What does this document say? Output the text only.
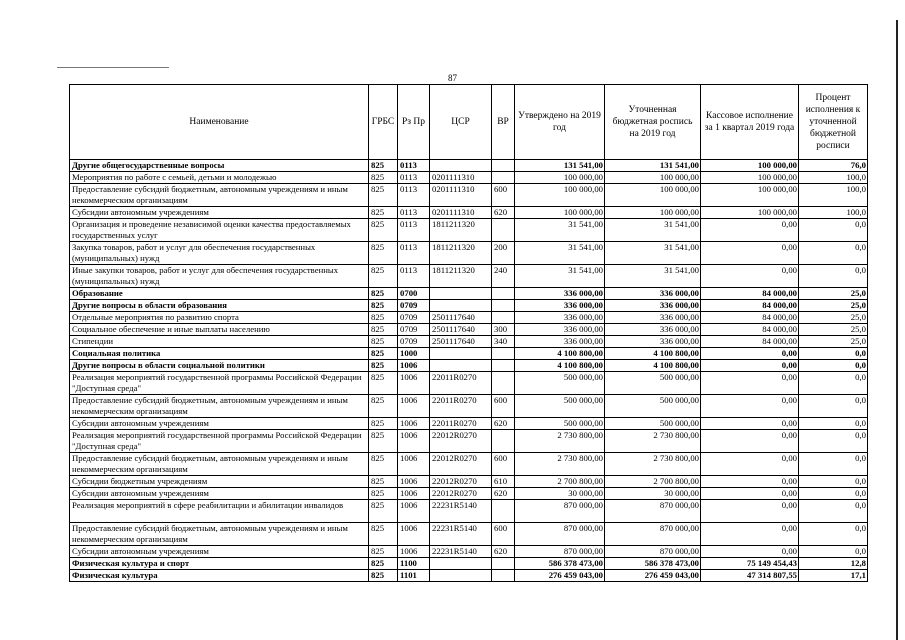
87
Наименование	ГРБС	Рз Пр	ЦСР	ВР	Утверждено на 2019 год	Уточненная бюджетная роспись на 2019 год	Кассовое исполнение за 1 квартал 2019 года	Процент исполнения к уточненной бюджетной росписи
Другие общегосударственные вопросы	825	0113			131 541,00	131 541,00	100 000,00	76,0
Мероприятия по работе с семьей, детьми и молодежью	825	0113	0201111310		100 000,00	100 000,00	100 000,00	100,0
Предоставление субсидий бюджетным, автономным учреждениям и иным некоммерческим организациям	825	0113	0201111310	600	100 000,00	100 000,00	100 000,00	100,0
Субсидии автономным учреждениям	825	0113	0201111310	620	100 000,00	100 000,00	100 000,00	100,0
Организация и проведение независимой оценки качества предоставляемых государственных услуг	825	0113	1811211320		31 541,00	31 541,00	0,00	0,0
Закупка товаров, работ и услуг для обеспечения государственных (муниципальных) нужд	825	0113	1811211320	200	31 541,00	31 541,00	0,00	0,0
Иные закупки товаров, работ и услуг для обеспечения государственных (муниципальных) нужд	825	0113	1811211320	240	31 541,00	31 541,00	0,00	0,0
Образование	825	0700			336 000,00	336 000,00	84 000,00	25,0
Другие вопросы в области образования	825	0709			336 000,00	336 000,00	84 000,00	25,0
Отдельные мероприятия по развитию спорта	825	0709	2501117640		336 000,00	336 000,00	84 000,00	25,0
Социальное обеспечение и иные выплаты населению	825	0709	2501117640	300	336 000,00	336 000,00	84 000,00	25,0
Стипендии	825	0709	2501117640	340	336 000,00	336 000,00	84 000,00	25,0
Социальная политика	825	1000			4 100 800,00	4 100 800,00	0,00	0,0
Другие вопросы в области социальной политики	825	1006			4 100 800,00	4 100 800,00	0,00	0,0
Реализация мероприятий государственной программы Российской Федерации "Доступная среда"	825	1006	22011R0270		500 000,00	500 000,00	0,00	0,0
Предоставление субсидий бюджетным, автономным учреждениям и иным некоммерческим организациям	825	1006	22011R0270	600	500 000,00	500 000,00	0,00	0,0
Субсидии автономным учреждениям	825	1006	22011R0270	620	500 000,00	500 000,00	0,00	0,0
Реализация мероприятий государственной программы Российской Федерации "Доступная среда"	825	1006	22012R0270		2 730 800,00	2 730 800,00	0,00	0,0
Предоставление субсидий бюджетным, автономным учреждениям и иным некоммерческим организациям	825	1006	22012R0270	600	2 730 800,00	2 730 800,00	0,00	0,0
Субсидии бюджетным учреждениям	825	1006	22012R0270	610	2 700 800,00	2 700 800,00	0,00	0,0
Субсидии автономным учреждениям	825	1006	22012R0270	620	30 000,00	30 000,00	0,00	0,0
Реализация мероприятий в сфере реабилитации и абилитации инвалидов	825	1006	22231R5140		870 000,00	870 000,00	0,00	0,0
Предоставление субсидий бюджетным, автономным учреждениям и иным некоммерческим организациям	825	1006	22231R5140	600	870 000,00	870 000,00	0,00	0,0
Субсидии автономным учреждениям	825	1006	22231R5140	620	870 000,00	870 000,00	0,00	0,0
Физическая культура и спорт	825	1100			586 378 473,00	586 378 473,00	75 149 454,43	12,8
Физическая культура	825	1101			276 459 043,00	276 459 043,00	47 314 807,55	17,1
